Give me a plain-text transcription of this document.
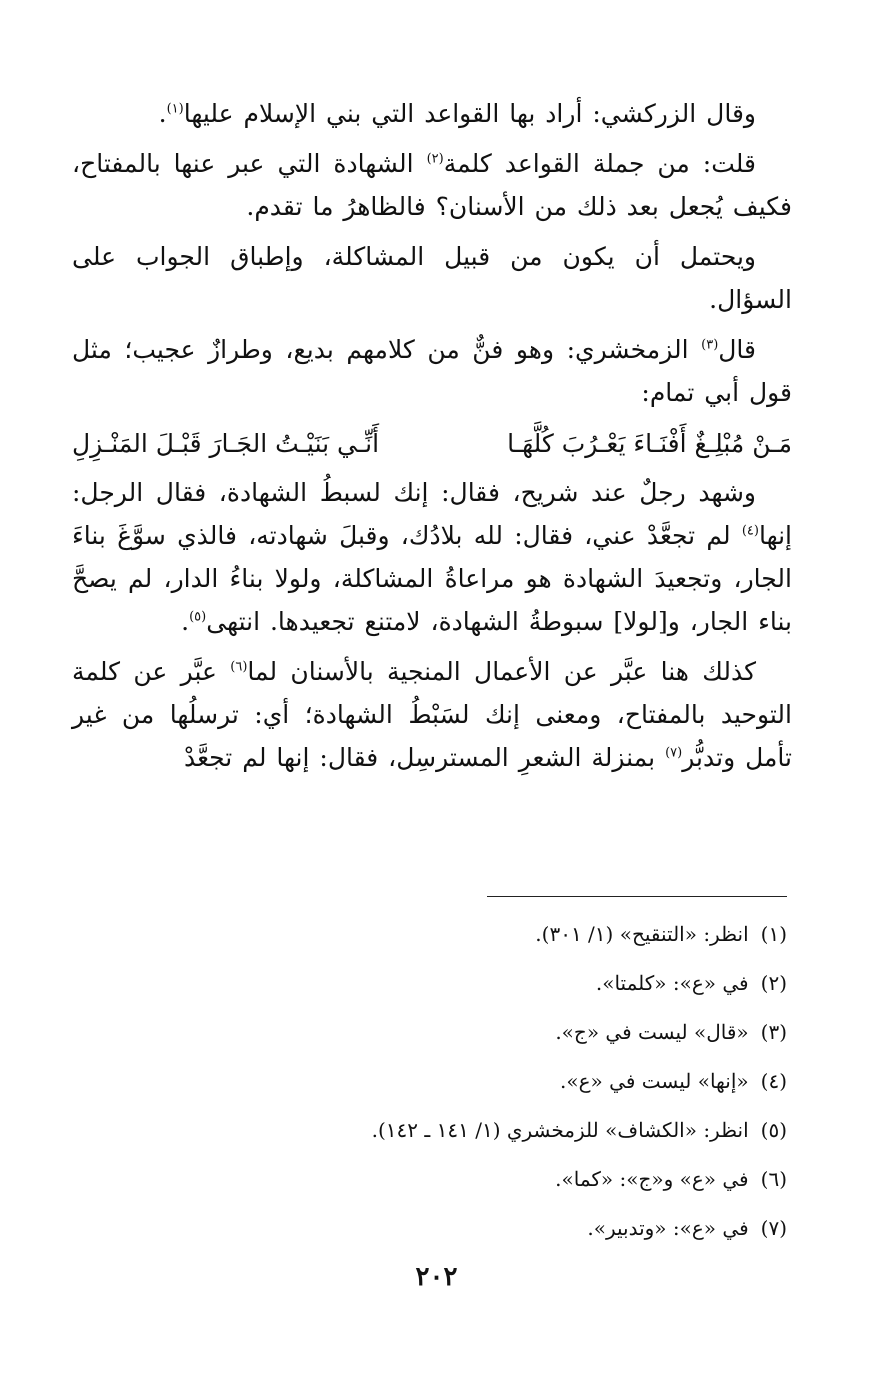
وقال الزركشي: أراد بها القواعد التي بني الإسلام عليها$^{(١)}$.

قلت: من جملة القواعد كلمة$^{(٢)}$ الشهادة التي عبر عنها بالمفتاح، فكيف يُجعل بعد ذلك من الأسنان؟ فالظاهرُ ما تقدم.

ويحتمل أن يكون من قبيل المشاكلة، وإطباق الجواب على السؤال.

قال$^{(٣)}$ الزمخشري: وهو فنٌّ من كلامهم بديع، وطرازٌ عجيب؛ مثل قول أبي تمام:

مَـنْ مُبْلِـغٌ أَفْنَـاءَ يَعْـرُبَ كُلَّهَـا
أَنِّـي بَنَيْـتُ الجَـارَ قَبْـلَ المَنْـزِلِ

وشهد رجلٌ عند شريح، فقال: إنك لسبطُ الشهادة، فقال الرجل: إنها$^{(٤)}$ لم تجعَّدْ عني، فقال: لله بلادُك، وقبلَ شهادته، فالذي سوَّغَ بناءَ الجار، وتجعيدَ الشهادة هو مراعاةُ المشاكلة، ولولا بناءُ الدار، لم يصحَّ بناء الجار، و[لولا] سبوطةُ الشهادة، لامتنع تجعيدها. انتهى$^{(٥)}$.

كذلك هنا عبَّر عن الأعمال المنجية بالأسنان لما$^{(٦)}$ عبَّر عن كلمة التوحيد بالمفتاح، ومعنى إنك لسَبْطُ الشهادة؛ أي: ترسلُها من غير تأمل وتدبُّر$^{(٧)}$ بمنزلة الشعرِ المسترسِل، فقال: إنها لم تجعَّدْ

(١)انظر: «التنقيح» (١/ ٣٠١).
(٢)في «ع»: «كلمتا».
(٣)«قال» ليست في «ج».
(٤)«إنها» ليست في «ع».
(٥)انظر: «الكشاف» للزمخشري (١/ ١٤١ ـ ١٤٢).
(٦)في «ع» و«ج»: «كما».
(٧)في «ع»: «وتدبير».
٢٠٢
